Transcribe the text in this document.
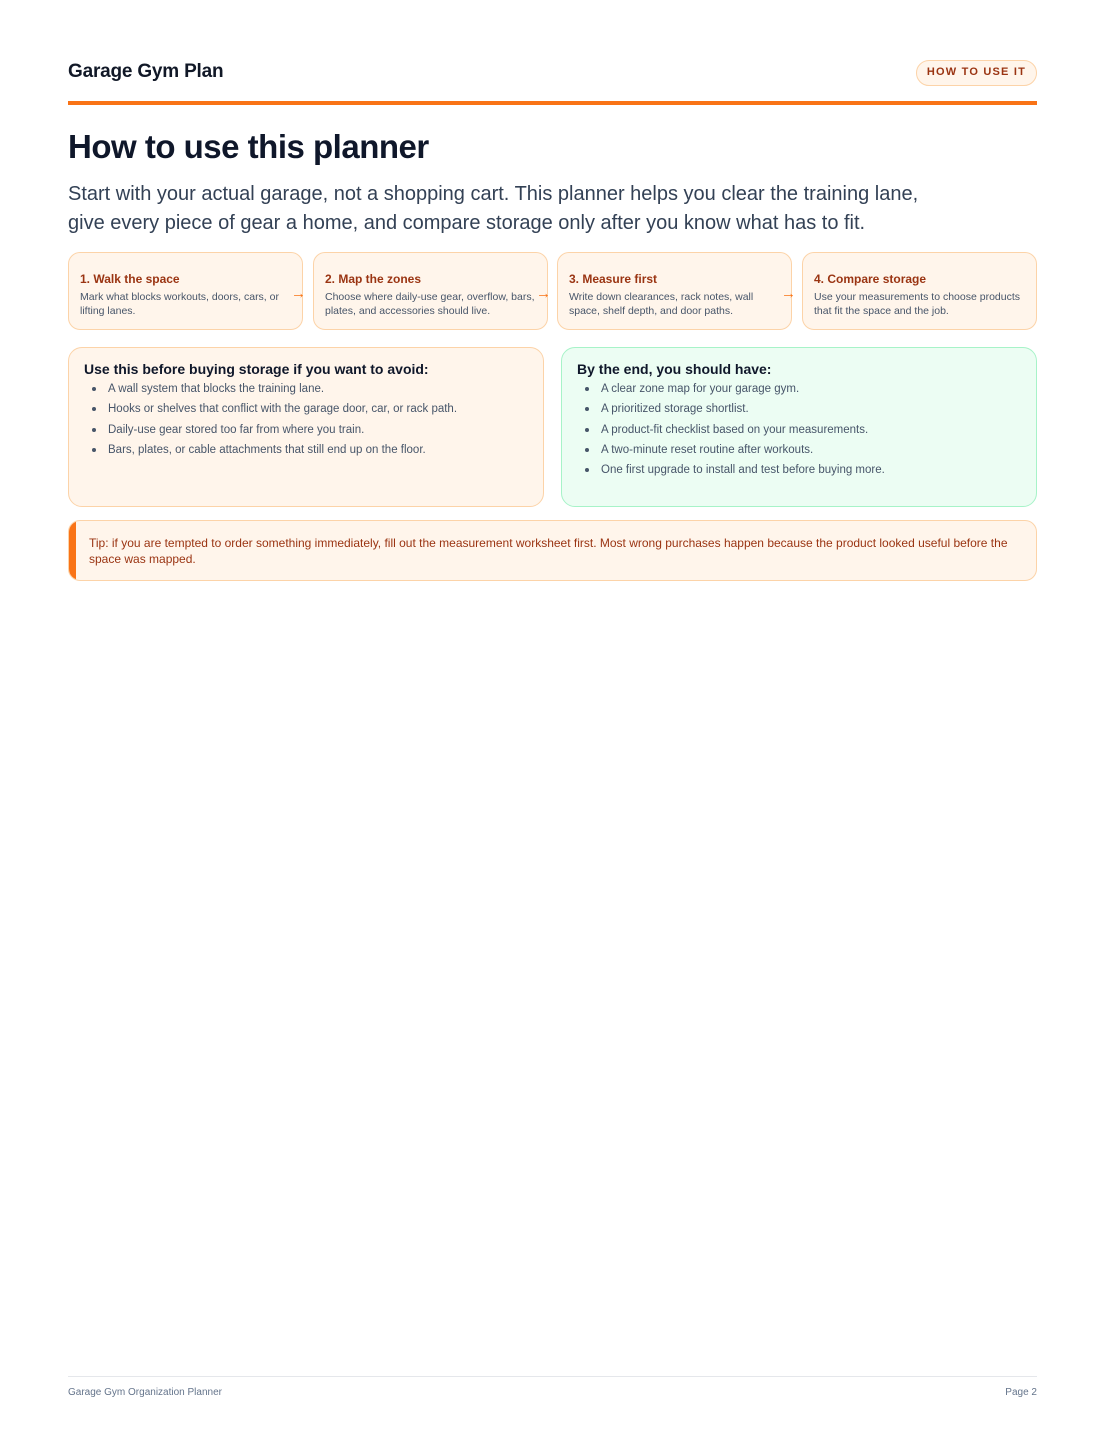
Garage Gym Plan	HOW TO USE IT
How to use this planner

Start with your actual garage, not a shopping cart. This planner helps you clear the training lane, give every piece of gear a home, and compare storage only after you know what has to fit.

1. Walk the space
Mark what blocks workouts, doors, cars, or lifting lanes.
→
2. Map the zones
Choose where daily-use gear, overflow, bars, plates, and accessories should live.
→
3. Measure first
Write down clearances, rack notes, wall space, shelf depth, and door paths.
→
4. Compare storage
Use your measurements to choose products that fit the space and the job.
Use this before buying storage if you want to avoid:
A wall system that blocks the training lane.
Hooks or shelves that conflict with the garage door, car, or rack path.
Daily-use gear stored too far from where you train.
Bars, plates, or cable attachments that still end up on the floor.
By the end, you should have:
A clear zone map for your garage gym.
A prioritized storage shortlist.
A product-fit checklist based on your measurements.
A two-minute reset routine after workouts.
One first upgrade to install and test before buying more.

Tip: if you are tempted to order something immediately, fill out the measurement worksheet first. Most wrong purchases happen because the product looked useful before the space was mapped.

Garage Gym Organization Planner	Page 2
